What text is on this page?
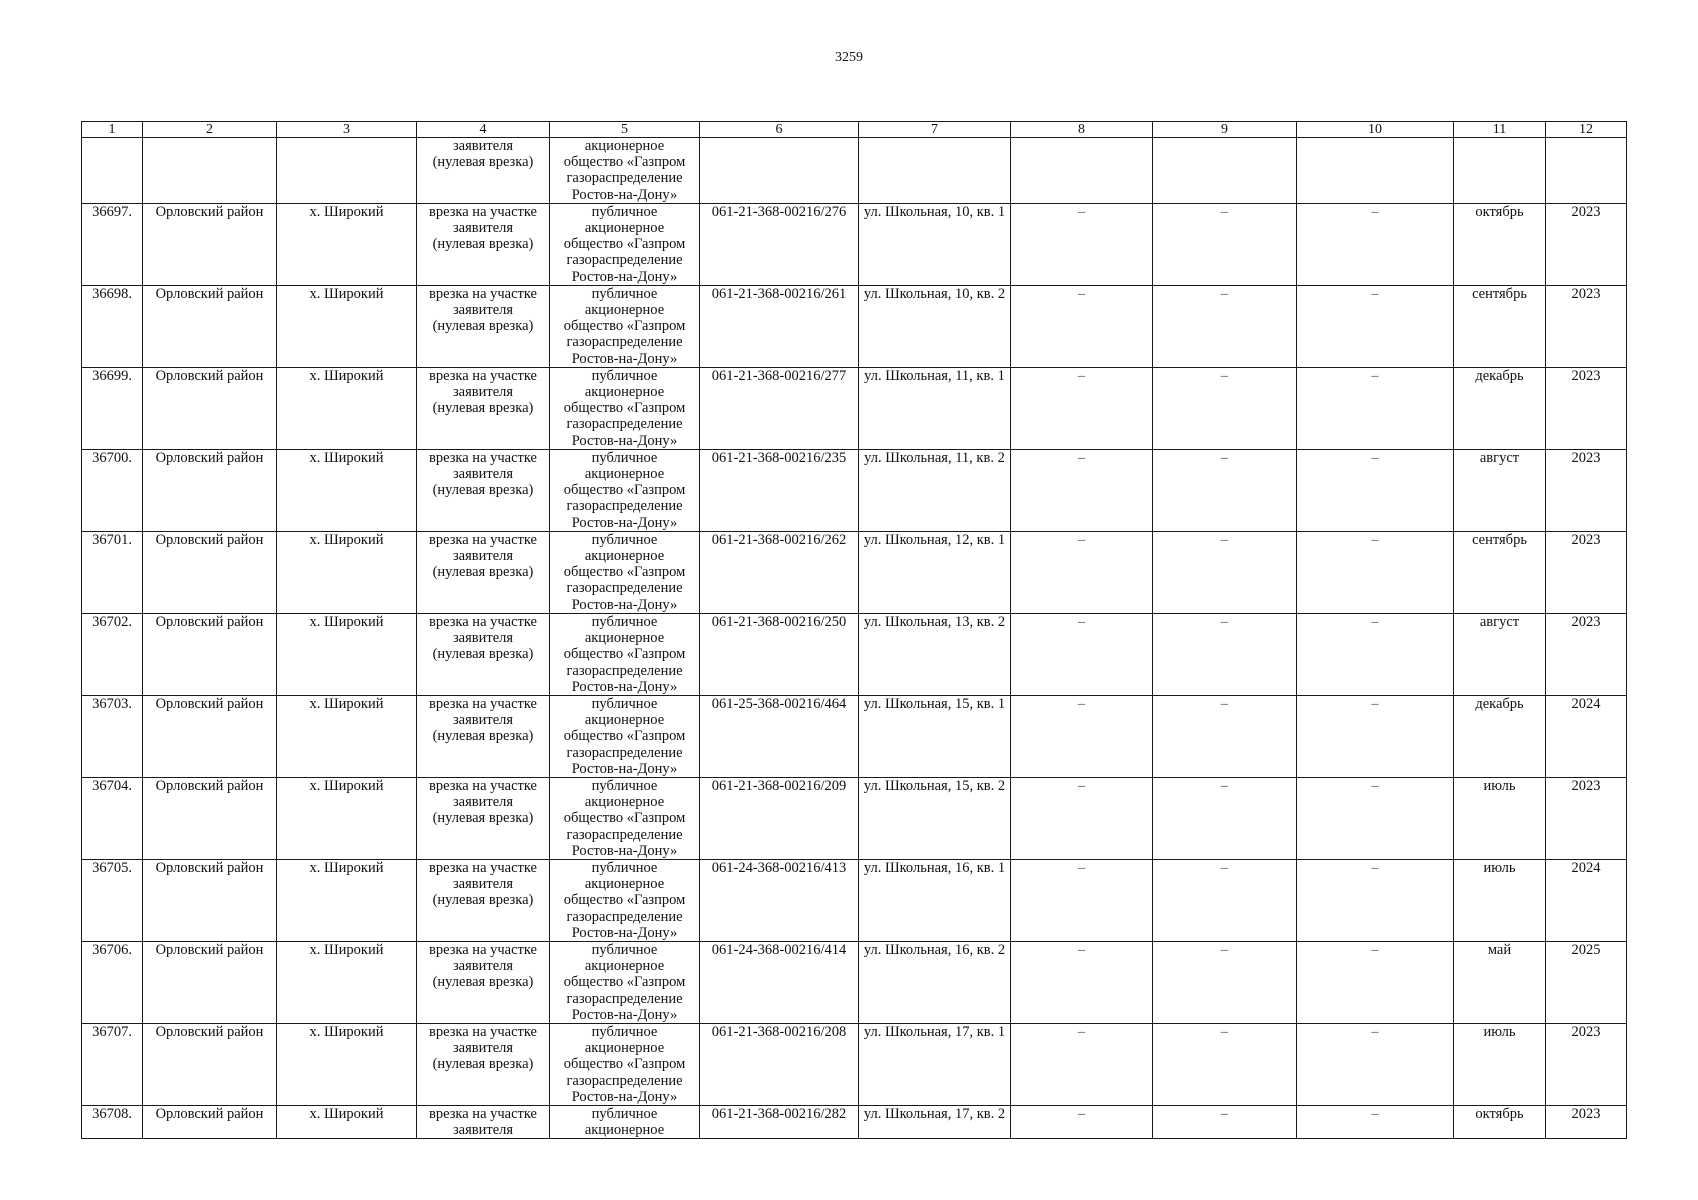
3259
1	2	3	4	5	6	7	8	9	10	11	12
			заявителя
(нулевая врезка)	акционерное
общество «Газпром
газораспределение
Ростов-на-Дону»							
36697.	Орловский район	х. Широкий	врезка на участке
заявителя
(нулевая врезка)	публичное
акционерное
общество «Газпром
газораспределение
Ростов-на-Дону»	061-21-368-00216/276	ул. Школьная, 10, кв. 1	–	–	–	октябрь	2023
36698.	Орловский район	х. Широкий	врезка на участке
заявителя
(нулевая врезка)	публичное
акционерное
общество «Газпром
газораспределение
Ростов-на-Дону»	061-21-368-00216/261	ул. Школьная, 10, кв. 2	–	–	–	сентябрь	2023
36699.	Орловский район	х. Широкий	врезка на участке
заявителя
(нулевая врезка)	публичное
акционерное
общество «Газпром
газораспределение
Ростов-на-Дону»	061-21-368-00216/277	ул. Школьная, 11, кв. 1	–	–	–	декабрь	2023
36700.	Орловский район	х. Широкий	врезка на участке
заявителя
(нулевая врезка)	публичное
акционерное
общество «Газпром
газораспределение
Ростов-на-Дону»	061-21-368-00216/235	ул. Школьная, 11, кв. 2	–	–	–	август	2023
36701.	Орловский район	х. Широкий	врезка на участке
заявителя
(нулевая врезка)	публичное
акционерное
общество «Газпром
газораспределение
Ростов-на-Дону»	061-21-368-00216/262	ул. Школьная, 12, кв. 1	–	–	–	сентябрь	2023
36702.	Орловский район	х. Широкий	врезка на участке
заявителя
(нулевая врезка)	публичное
акционерное
общество «Газпром
газораспределение
Ростов-на-Дону»	061-21-368-00216/250	ул. Школьная, 13, кв. 2	–	–	–	август	2023
36703.	Орловский район	х. Широкий	врезка на участке
заявителя
(нулевая врезка)	публичное
акционерное
общество «Газпром
газораспределение
Ростов-на-Дону»	061-25-368-00216/464	ул. Школьная, 15, кв. 1	–	–	–	декабрь	2024
36704.	Орловский район	х. Широкий	врезка на участке
заявителя
(нулевая врезка)	публичное
акционерное
общество «Газпром
газораспределение
Ростов-на-Дону»	061-21-368-00216/209	ул. Школьная, 15, кв. 2	–	–	–	июль	2023
36705.	Орловский район	х. Широкий	врезка на участке
заявителя
(нулевая врезка)	публичное
акционерное
общество «Газпром
газораспределение
Ростов-на-Дону»	061-24-368-00216/413	ул. Школьная, 16, кв. 1	–	–	–	июль	2024
36706.	Орловский район	х. Широкий	врезка на участке
заявителя
(нулевая врезка)	публичное
акционерное
общество «Газпром
газораспределение
Ростов-на-Дону»	061-24-368-00216/414	ул. Школьная, 16, кв. 2	–	–	–	май	2025
36707.	Орловский район	х. Широкий	врезка на участке
заявителя
(нулевая врезка)	публичное
акционерное
общество «Газпром
газораспределение
Ростов-на-Дону»	061-21-368-00216/208	ул. Школьная, 17, кв. 1	–	–	–	июль	2023
36708.	Орловский район	х. Широкий	врезка на участке
заявителя	публичное
акционерное	061-21-368-00216/282	ул. Школьная, 17, кв. 2	–	–	–	октябрь	2023
